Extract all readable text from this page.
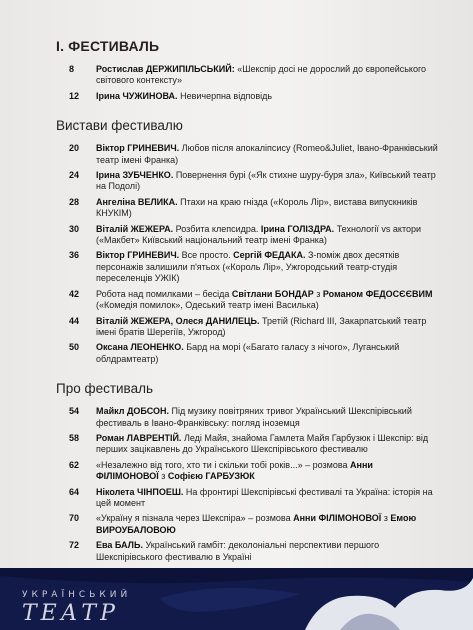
І. ФЕСТИВАЛЬ
8	Ростислав ДЕРЖИПІЛЬСЬКИЙ: «Шекспір досі не дорослий до європейського світового контексту»
12	Ірина ЧУЖИНОВА. Невичерпна відповідь
Вистави фестивалю
20	Віктор ГРИНЕВИЧ. Любов після апокаліпсису (Romeo&Juliet, Івано-Франківський театр імені Франка)
24	Ірина ЗУБЧЕНКО. Повернення бурі («Як стихне шуру-буря зла», Київський театр на Подолі)
28	Ангеліна ВЕЛИКА. Птахи на краю гнізда («Король Лір», вистава випускників КНУКІМ)
30	Віталій ЖЕЖЕРА. Розбита клепсидра. Ірина ГОЛІЗДРА. Технології vs актори («Макбет» Київський національний театр імені Франка)
36	Віктор ГРИНЕВИЧ. Все просто. Сергій ФЕДАКА. З-поміж двох десятків персонажів залишили п'ятьох («Король Лір», Ужгородський театр-студія переселенців УЖІК)
42	Робота над помилками – бесіда Світлани БОНДАР з Романом ФЕДОСЄЄВИМ («Комедія помилок», Одеський театр імені Василька)
44	Віталій ЖЕЖЕРА, Олеся ДАНИЛЕЦЬ. Третій (Richard III, Закарпатський театр імені братів Шерегіїв, Ужгород)
50	Оксана ЛЕОНЕНКО. Бард на морі («Багато галасу з нічого», Луганський облдрамтеатр)
Про фестиваль
54	Майкл ДОБСОН. Під музику повітряних тривог Український Шекспірівський фестиваль в Івано-Франківську: погляд іноземця
58	Роман ЛАВРЕНТІЙ. Леді Майя, знайома Гамлета Майя Гарбузюк і Шекспір: від перших зацікавлень до Українського Шекспірівського фестивалю
62	«Незалежно від того, хто ти і скільки тобі років...» – розмова Анни ФІЛІМОНОВОЇ з Софією ГАРБУЗЮК
64	Ніколета ЧІНПОЕШ. На фронтирі Шекспірівські фестивалі та Україна: історія на цей момент
70	«Україну я пізнала через Шекспіра» – розмова Анни ФІЛІМОНОВОЇ з Емою ВИРОУБАЛОВОЮ
72	Ева БАЛЬ. Український гамбіт: деколоніальні перспективи першого Шекспірівського фестивалю в Україні
УКРАЇНСЬКИЙ
ТЕАТР
